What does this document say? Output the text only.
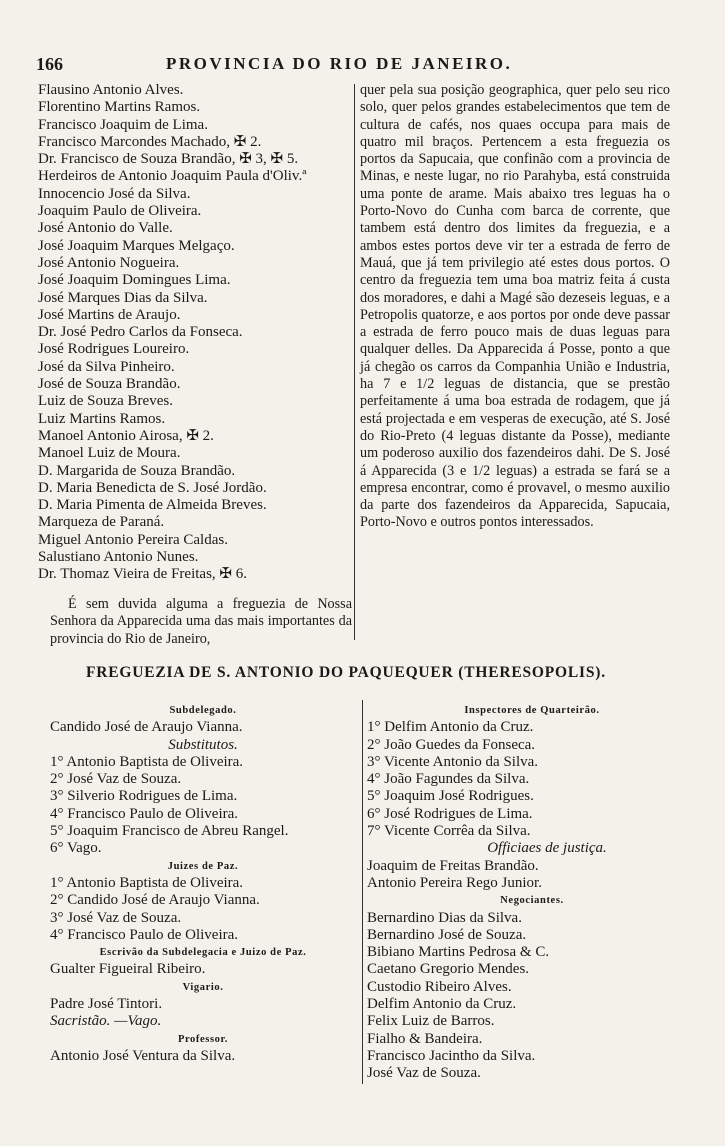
166	PROVINCIA DO RIO DE JANEIRO.
Flausino Antonio Alves.
Florentino Martins Ramos.
Francisco Joaquim de Lima.
Francisco Marcondes Machado, ✠ 2.
Dr. Francisco de Souza Brandão, ✠ 3, ✠ 5.
Herdeiros de Antonio Joaquim Paula d'Oliv.ª
Innocencio José da Silva.
Joaquim Paulo de Oliveira.
José Antonio do Valle.
José Joaquim Marques Melgaço.
José Antonio Nogueira.
José Joaquim Domingues Lima.
José Marques Dias da Silva.
José Martins de Araujo.
Dr. José Pedro Carlos da Fonseca.
José Rodrigues Loureiro.
José da Silva Pinheiro.
José de Souza Brandão.
Luiz de Souza Breves.
Luiz Martins Ramos.
Manoel Antonio Airosa, ✠ 2.
Manoel Luiz de Moura.
D. Margarida de Souza Brandão.
D. Maria Benedicta de S. José Jordão.
D. Maria Pimenta de Almeida Breves.
Marqueza de Paraná.
Miguel Antonio Pereira Caldas.
Salustiano Antonio Nunes.
Dr. Thomaz Vieira de Freitas, ✠ 6.
quer pela sua posição geographica, quer pelo seu rico solo, quer pelos grandes estabelecimentos que tem de cultura de cafés, nos quaes occupa para mais de quatro mil braços. Pertencem a esta freguezia os portos da Sapucaia, que confinão com a provincia de Minas, e neste lugar, no rio Parahyba, está construida uma ponte de arame. Mais abaixo tres leguas ha o Porto-Novo do Cunha com barca de corrente, que tambem está dentro dos limites da freguezia, e a ambos estes portos deve vir ter a estrada de ferro de Mauá, que já tem privilegio até estes dous portos. O centro da freguezia tem uma boa matriz feita á custa dos moradores, e dahi a Magé são dezeseis leguas, e a Petropolis quatorze, e aos portos por onde deve passar a estrada de ferro pouco mais de duas leguas para qualquer delles. Da Apparecida á Posse, ponto a que já chegão os carros da Companhia União e Industria, ha 7 e 1/2 leguas de distancia, que se prestão perfeitamente á uma boa estrada de rodagem, que já está projectada e em vesperas de execução, até S. José do Rio-Preto (4 leguas distante da Posse), mediante um poderoso auxilio dos fazendeiros dahi. De S. José á Apparecida (3 e 1/2 leguas) a estrada se fará se a empresa encontrar, como é provavel, o mesmo auxilio da parte dos fazendeiros da Apparecida, Sapucaia, Porto-Novo e outros pontos interessados.
É sem duvida alguma a freguezia de Nossa Senhora da Apparecida uma das mais importantes da provincia do Rio de Janeiro,
FREGUEZIA DE S. ANTONIO DO PAQUEQUER (THERESOPOLIS).
Subdelegado.
Candido José de Araujo Vianna.
Substitutos.
1° Antonio Baptista de Oliveira.
2° José Vaz de Souza.
3° Silverio Rodrigues de Lima.
4° Francisco Paulo de Oliveira.
5° Joaquim Francisco de Abreu Rangel.
6° Vago.
Juizes de Paz.
1° Antonio Baptista de Oliveira.
2° Candido José de Araujo Vianna.
3° José Vaz de Souza.
4° Francisco Paulo de Oliveira.
Escrivão da Subdelegacia e Juizo de Paz.
Gualter Figueiral Ribeiro.
Vigario.
Padre José Tintori.
Sacristão. —Vago.
Professor.
Antonio José Ventura da Silva.
Inspectores de Quarteirão.
1° Delfim Antonio da Cruz.
2° João Guedes da Fonseca.
3° Vicente Antonio da Silva.
4° João Fagundes da Silva.
5° Joaquim José Rodrigues.
6° José Rodrigues de Lima.
7° Vicente Corrêa da Silva.
Officiaes de justiça.
Joaquim de Freitas Brandão.
Antonio Pereira Rego Junior.
Negociantes.
Bernardino Dias da Silva.
Bernardino José de Souza.
Bibiano Martins Pedrosa & C.
Caetano Gregorio Mendes.
Custodio Ribeiro Alves.
Delfim Antonio da Cruz.
Felix Luiz de Barros.
Fialho & Bandeira.
Francisco Jacintho da Silva.
José Vaz de Souza.
